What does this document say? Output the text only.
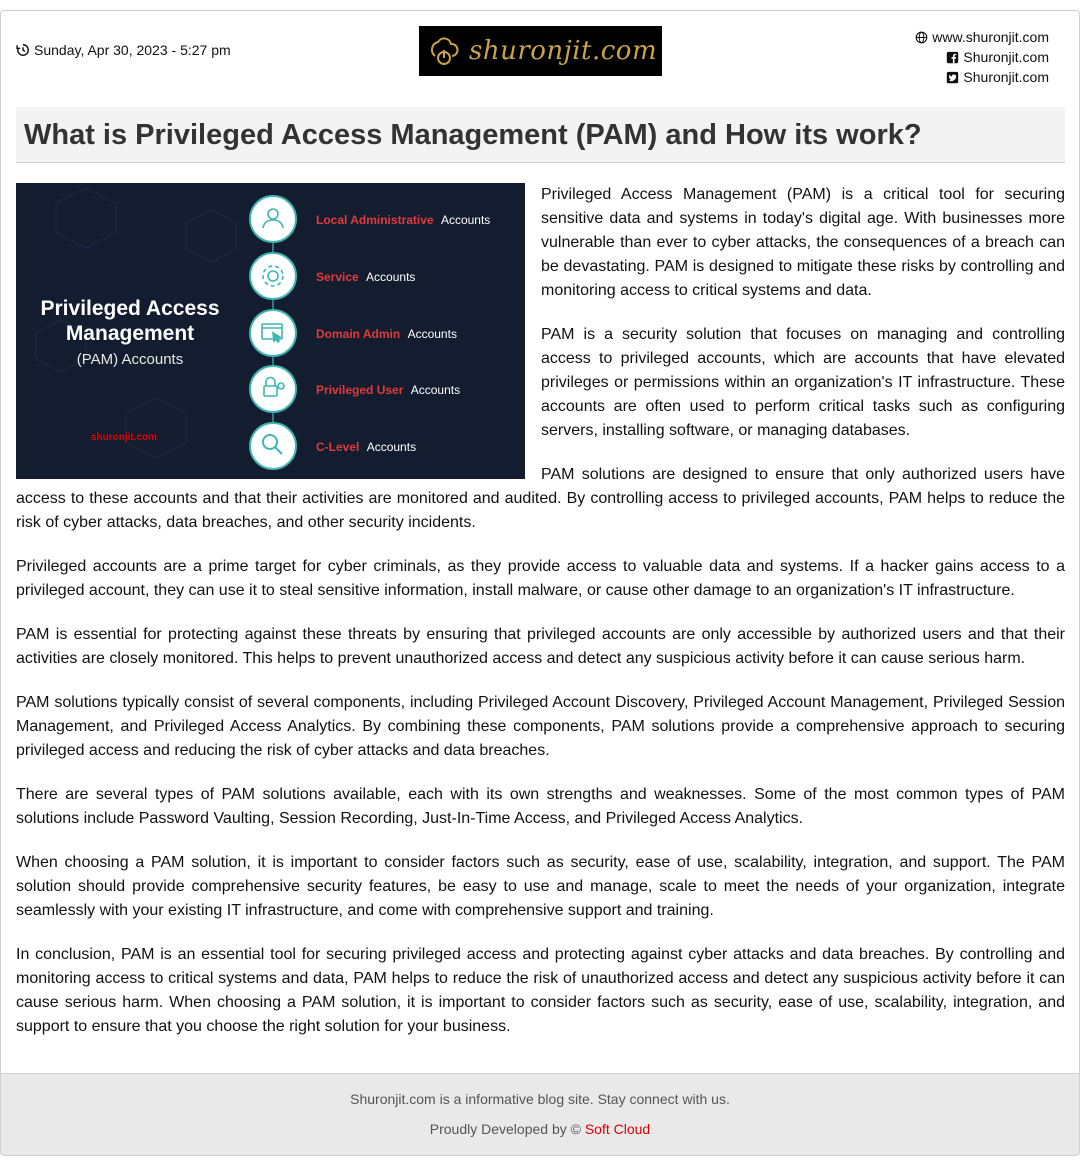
Sunday, Apr 30, 2023 - 5:27 pm	shuronjit.com	www.shuronjit.com
Shuronjit.com
Shuronjit.com
What is Privileged Access Management (PAM) and How its work?
Privileged Access
Management
(PAM) Accounts
shuronjit.com
Local Administrative Accounts
Service Accounts
Domain Admin Accounts
Privileged User Accounts
C-Level Accounts

Privileged Access Management (PAM) is a critical tool for securing sensitive data and systems in today's digital age. With businesses more vulnerable than ever to cyber attacks, the consequences of a breach can be devastating. PAM is designed to mitigate these risks by controlling and monitoring access to critical systems and data.

PAM is a security solution that focuses on managing and controlling access to privileged accounts, which are accounts that have elevated privileges or permissions within an organization's IT infrastructure. These accounts are often used to perform critical tasks such as configuring servers, installing software, or managing databases.

PAM solutions are designed to ensure that only authorized users have access to these accounts and that their activities are monitored and audited. By controlling access to privileged accounts, PAM helps to reduce the risk of cyber attacks, data breaches, and other security incidents.

Privileged accounts are a prime target for cyber criminals, as they provide access to valuable data and systems. If a hacker gains access to a privileged account, they can use it to steal sensitive information, install malware, or cause other damage to an organization's IT infrastructure.

PAM is essential for protecting against these threats by ensuring that privileged accounts are only accessible by authorized users and that their activities are closely monitored. This helps to prevent unauthorized access and detect any suspicious activity before it can cause serious harm.

PAM solutions typically consist of several components, including Privileged Account Discovery, Privileged Account Management, Privileged Session Management, and Privileged Access Analytics. By combining these components, PAM solutions provide a comprehensive approach to securing privileged access and reducing the risk of cyber attacks and data breaches.

There are several types of PAM solutions available, each with its own strengths and weaknesses. Some of the most common types of PAM solutions include Password Vaulting, Session Recording, Just-In-Time Access, and Privileged Access Analytics.

When choosing a PAM solution, it is important to consider factors such as security, ease of use, scalability, integration, and support. The PAM solution should provide comprehensive security features, be easy to use and manage, scale to meet the needs of your organization, integrate seamlessly with your existing IT infrastructure, and come with comprehensive support and training.

In conclusion, PAM is an essential tool for securing privileged access and protecting against cyber attacks and data breaches. By controlling and monitoring access to critical systems and data, PAM helps to reduce the risk of unauthorized access and detect any suspicious activity before it can cause serious harm. When choosing a PAM solution, it is important to consider factors such as security, ease of use, scalability, integration, and support to ensure that you choose the right solution for your business.

Shuronjit.com is a informative blog site. Stay connect with us.
Proudly Developed by © Soft Cloud
